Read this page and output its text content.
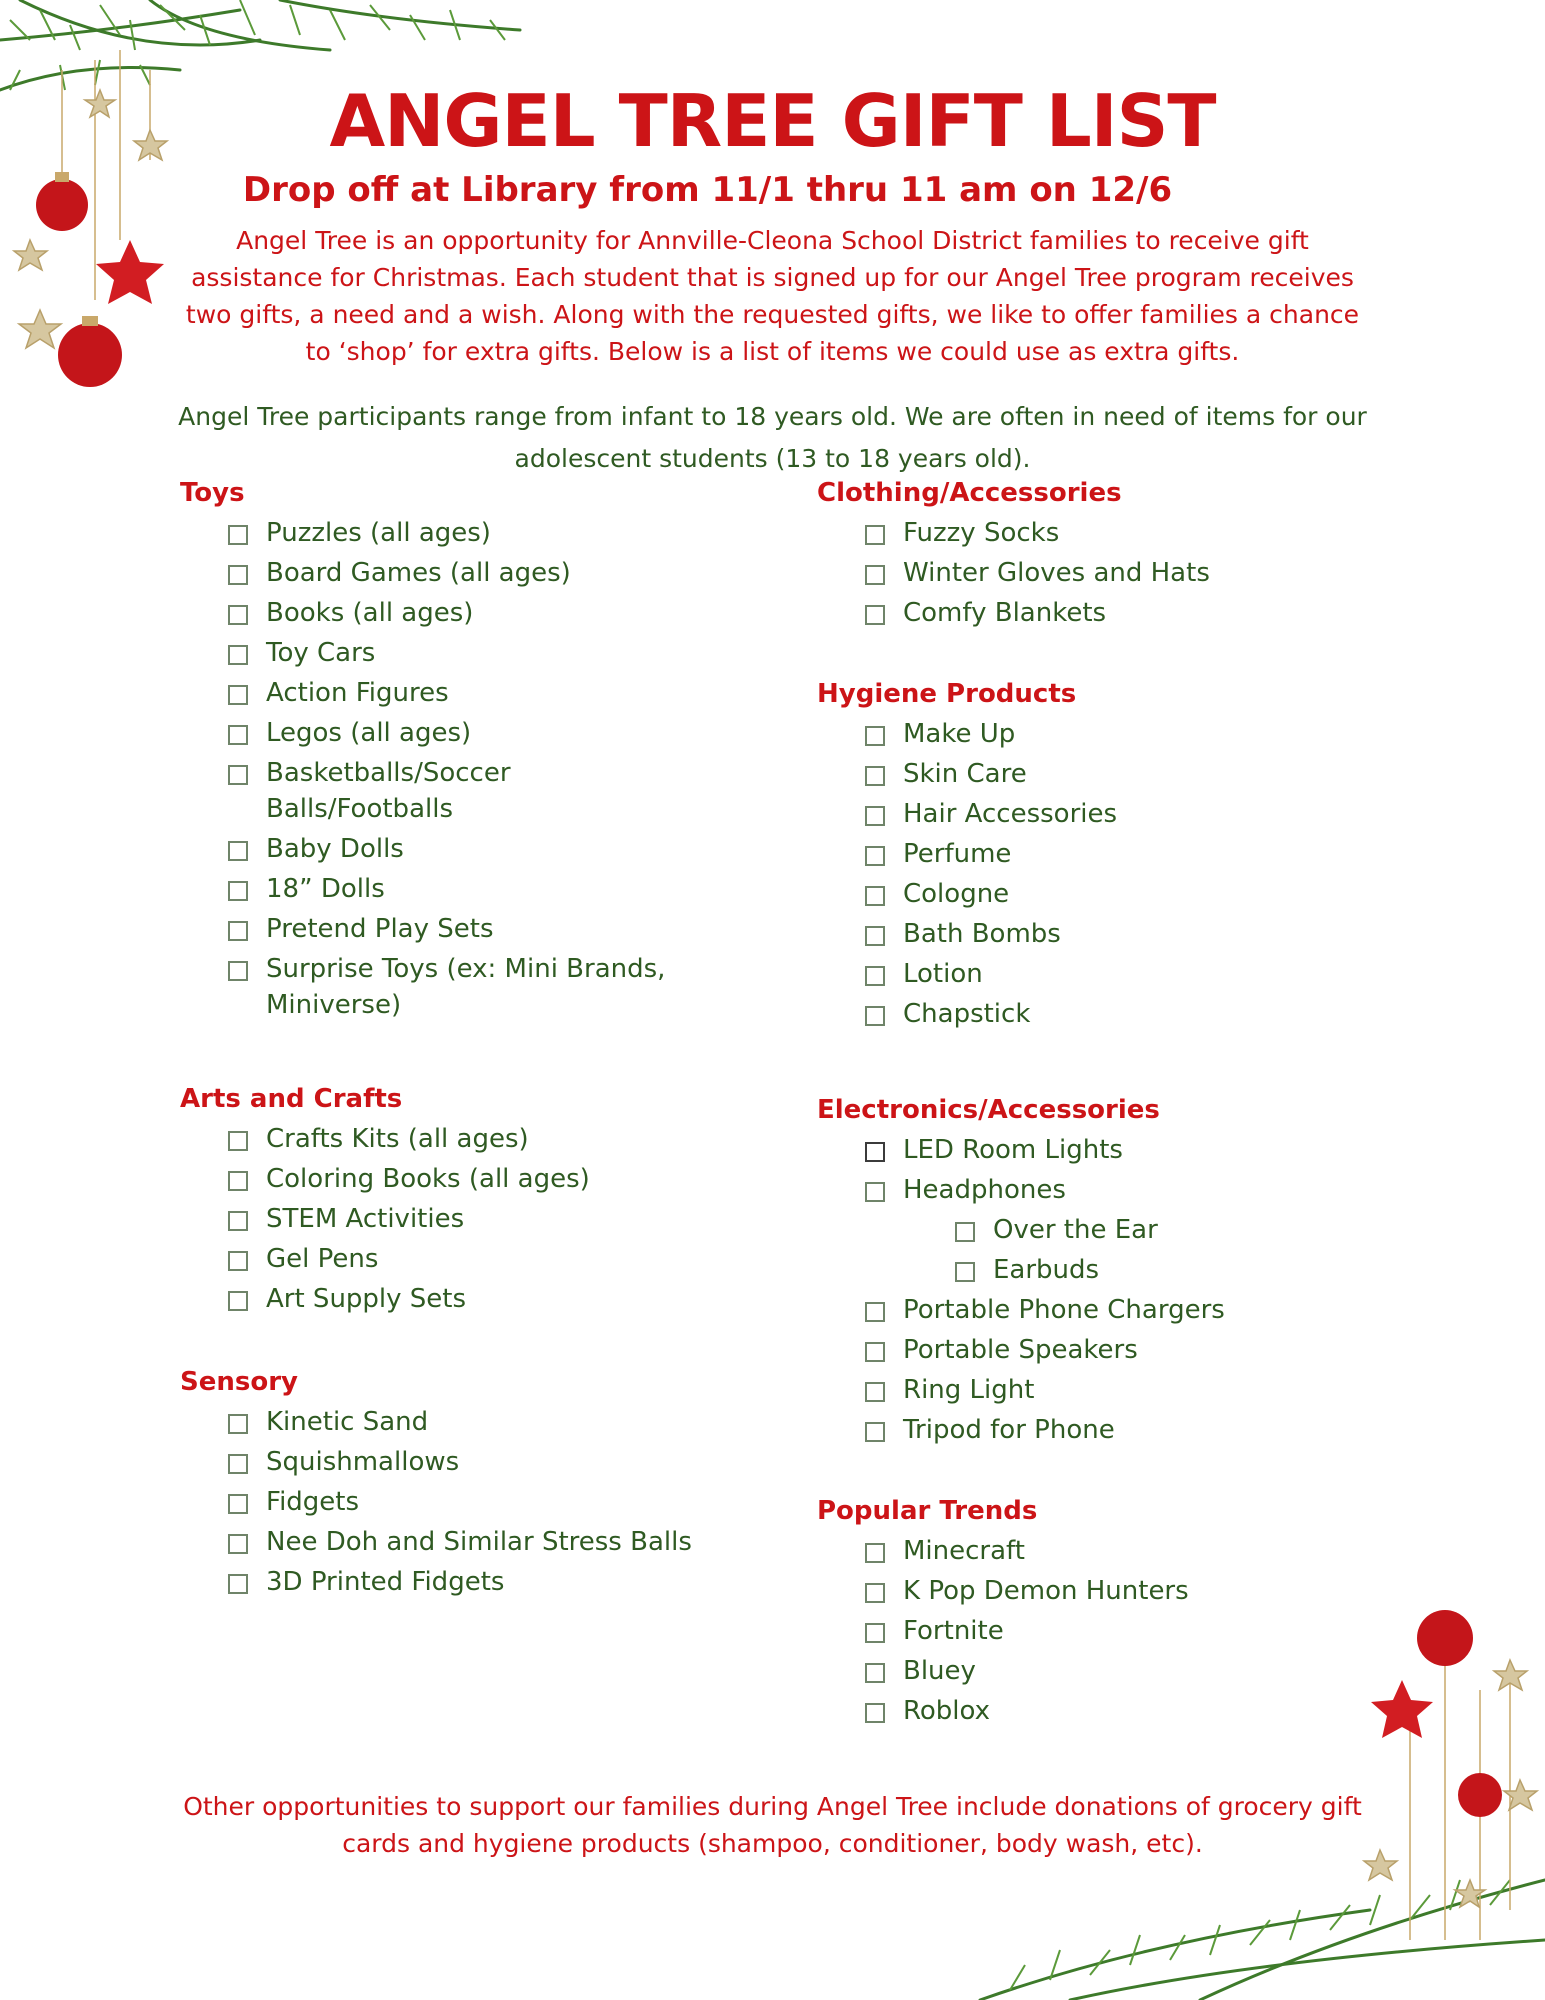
ANGEL TREE GIFT LIST
Drop off at Library from 11/1 thru 11 am on 12/6

Angel Tree is an opportunity for Annville-Cleona School District families to receive gift assistance for Christmas. Each student that is signed up for our Angel Tree program receives two gifts, a need and a wish. Along with the requested gifts, we like to offer families a chance to ‘shop’ for extra gifts. Below is a list of items we could use as extra gifts.

Angel Tree participants range from infant to 18 years old. We are often in need of items for our adolescent students (13 to 18 years old).

Toys
Puzzles (all ages)
Board Games (all ages)
Books (all ages)
Toy Cars
Action Figures
Legos (all ages)
Basketballs/Soccer Balls/Footballs
Baby Dolls
18” Dolls
Pretend Play Sets
Surprise Toys (ex: Mini Brands, Miniverse)
Arts and Crafts
Crafts Kits (all ages)
Coloring Books (all ages)
STEM Activities
Gel Pens
Art Supply Sets
Sensory
Kinetic Sand
Squishmallows
Fidgets
Nee Doh and Similar Stress Balls
3D Printed Fidgets
Clothing/Accessories
Fuzzy Socks
Winter Gloves and Hats
Comfy Blankets
Hygiene Products
Make Up
Skin Care
Hair Accessories
Perfume
Cologne
Bath Bombs
Lotion
Chapstick
Electronics/Accessories
LED Room Lights
Headphones
Over the Ear
Earbuds
Portable Phone Chargers
Portable Speakers
Ring Light
Tripod for Phone
Popular Trends
Minecraft
K Pop Demon Hunters
Fortnite
Bluey
Roblox

Other opportunities to support our families during Angel Tree include donations of grocery gift cards and hygiene products (shampoo, conditioner, body wash, etc).
